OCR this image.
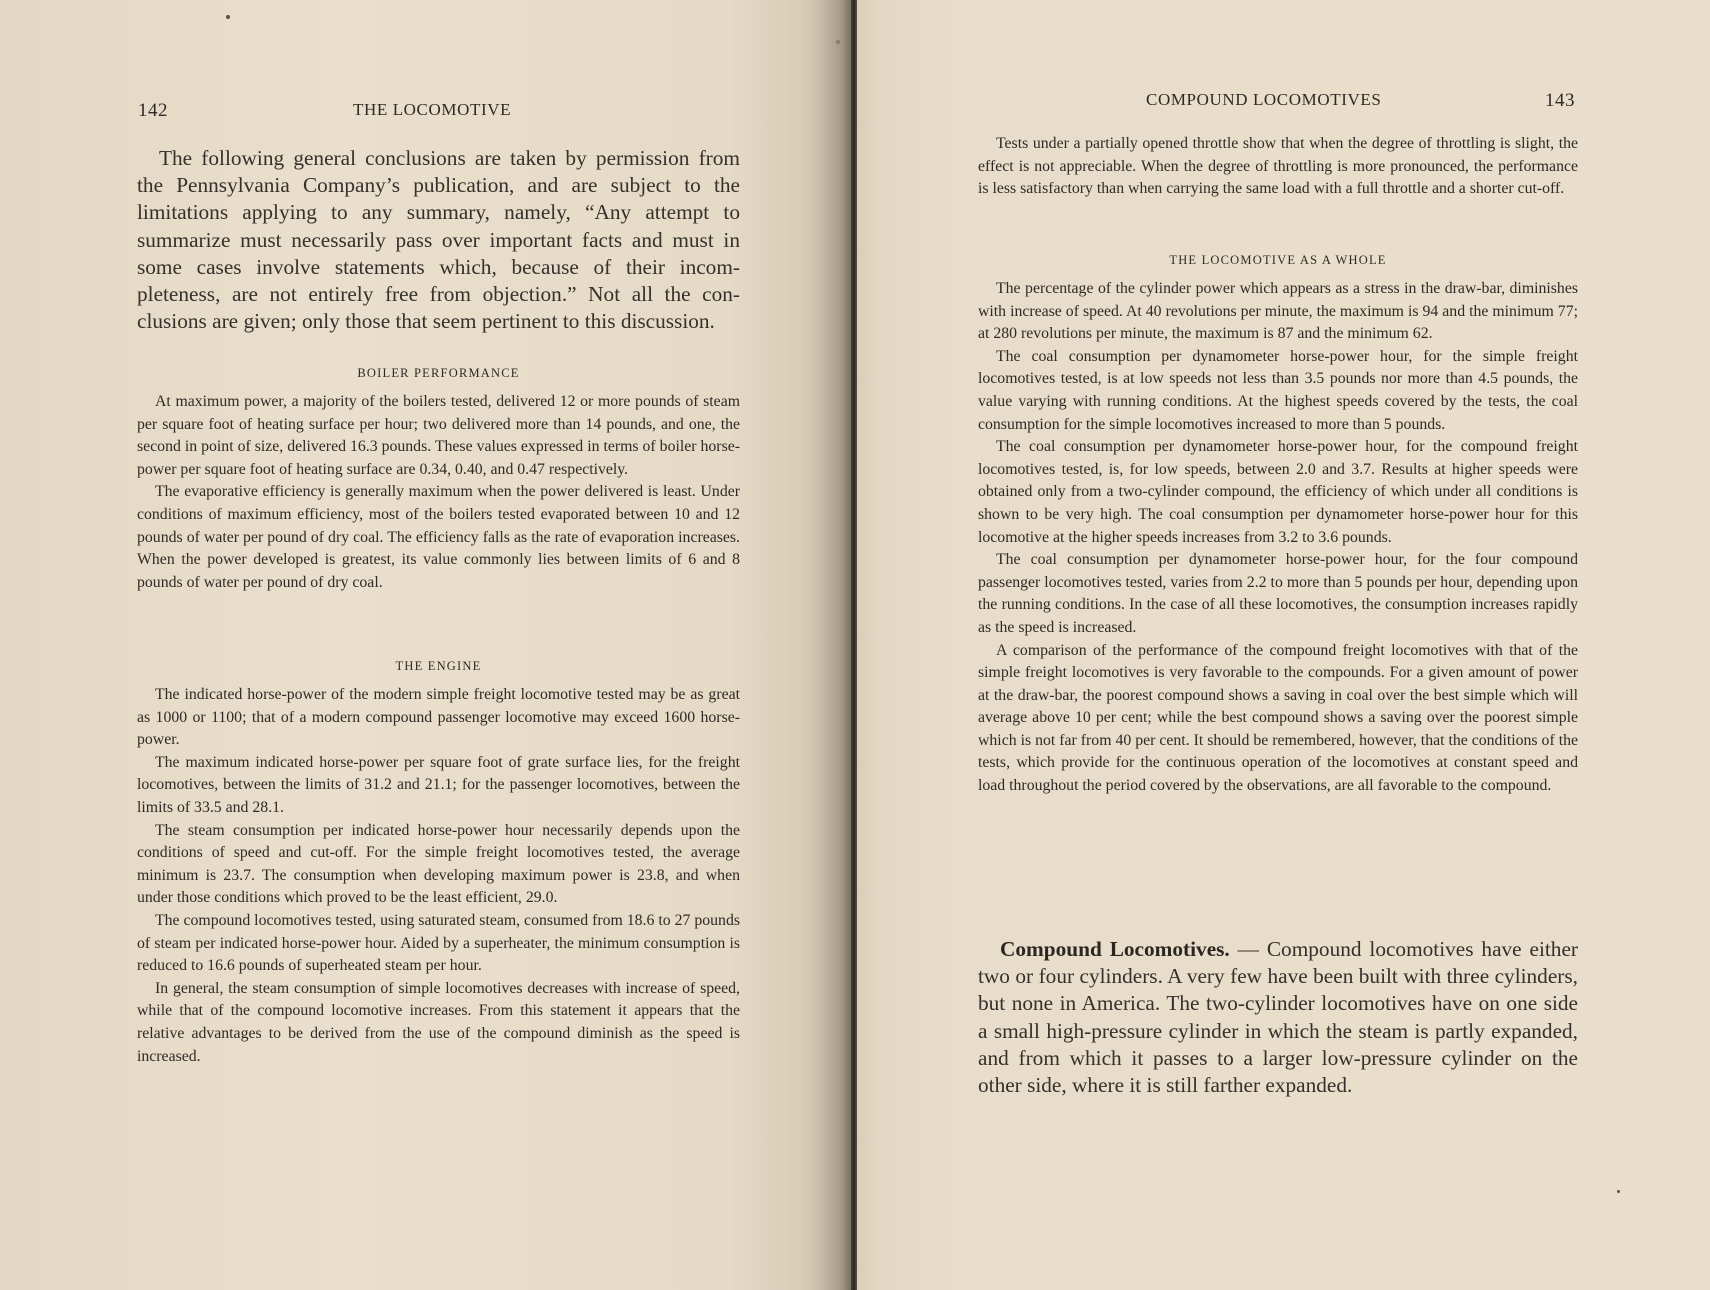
142	THE LOCOMOTIVE

The following general conclusions are taken by permission from the Pennsylvania Company’s publication, and are subject to the limitations applying to any summary, namely, “Any attempt to summarize must necessarily pass over important facts and must in some cases involve statements which, because of their incompleteness, are not entirely free from objection.” Not all the conclusions are given; only those that seem pertinent to this discussion.

BOILER PERFORMANCE

At maximum power, a majority of the boilers tested, delivered 12 or more pounds of steam per square foot of heating surface per hour; two delivered more than 14 pounds, and one, the second in point of size, delivered 16.3 pounds. These values expressed in terms of boiler horse-power per square foot of heating surface are 0.34, 0.40, and 0.47 respectively.

The evaporative efficiency is generally maximum when the power delivered is least. Under conditions of maximum efficiency, most of the boilers tested evaporated between 10 and 12 pounds of water per pound of dry coal. The efficiency falls as the rate of evaporation increases. When the power developed is greatest, its value commonly lies between limits of 6 and 8 pounds of water per pound of dry coal.

THE ENGINE

The indicated horse-power of the modern simple freight locomotive tested may be as great as 1000 or 1100; that of a modern compound passenger locomotive may exceed 1600 horse-power.

The maximum indicated horse-power per square foot of grate surface lies, for the freight locomotives, between the limits of 31.2 and 21.1; for the passenger locomotives, between the limits of 33.5 and 28.1.

The steam consumption per indicated horse-power hour necessarily depends upon the conditions of speed and cut-off. For the simple freight locomotives tested, the average minimum is 23.7. The consumption when developing maximum power is 23.8, and when under those conditions which proved to be the least efficient, 29.0.

The compound locomotives tested, using saturated steam, consumed from 18.6 to 27 pounds of steam per indicated horse-power hour. Aided by a superheater, the minimum consumption is reduced to 16.6 pounds of superheated steam per hour.

In general, the steam consumption of simple locomotives decreases with increase of speed, while that of the compound locomotive increases. From this statement it appears that the relative advantages to be derived from the use of the compound diminish as the speed is increased.

COMPOUND LOCOMOTIVES	143

Tests under a partially opened throttle show that when the degree of throttling is slight, the effect is not appreciable. When the degree of throttling is more pronounced, the performance is less satisfactory than when carrying the same load with a full throttle and a shorter cut-off.

THE LOCOMOTIVE AS A WHOLE

The percentage of the cylinder power which appears as a stress in the draw-bar, diminishes with increase of speed. At 40 revolutions per minute, the maximum is 94 and the minimum 77; at 280 revolutions per minute, the maximum is 87 and the minimum 62.

The coal consumption per dynamometer horse-power hour, for the simple freight locomotives tested, is at low speeds not less than 3.5 pounds nor more than 4.5 pounds, the value varying with running conditions. At the highest speeds covered by the tests, the coal consumption for the simple locomotives increased to more than 5 pounds.

The coal consumption per dynamometer horse-power hour, for the compound freight locomotives tested, is, for low speeds, between 2.0 and 3.7. Results at higher speeds were obtained only from a two-cylinder compound, the efficiency of which under all conditions is shown to be very high. The coal consumption per dynamometer horse-power hour for this locomotive at the higher speeds increases from 3.2 to 3.6 pounds.

The coal consumption per dynamometer horse-power hour, for the four compound passenger locomotives tested, varies from 2.2 to more than 5 pounds per hour, depending upon the running conditions. In the case of all these locomotives, the consumption increases rapidly as the speed is increased.

A comparison of the performance of the compound freight locomotives with that of the simple freight locomotives is very favorable to the compounds. For a given amount of power at the draw-bar, the poorest compound shows a saving in coal over the best simple which will average above 10 per cent; while the best compound shows a saving over the poorest simple which is not far from 40 per cent. It should be remembered, however, that the conditions of the tests, which provide for the continuous operation of the locomotives at constant speed and load throughout the period covered by the observations, are all favorable to the compound.

Compound Locomotives. — Compound locomotives have either two or four cylinders. A very few have been built with three cylinders, but none in America. The two-cylinder locomotives have on one side a small high-pressure cylinder in which the steam is partly expanded, and from which it passes to a larger low-pressure cylinder on the other side, where it is still farther expanded.
